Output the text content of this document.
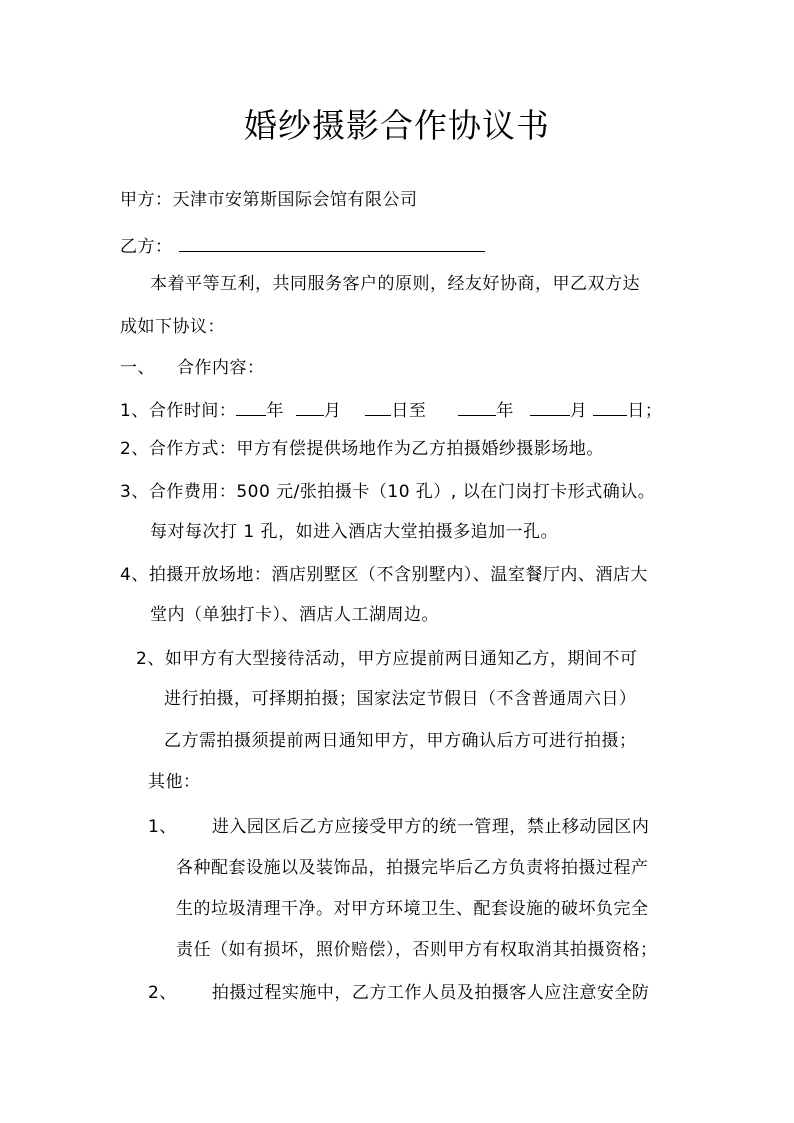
婚纱摄影合作协议书
甲方：天津市安第斯国际会馆有限公司
乙方：
本着平等互利，共同服务客户的原则，经友好协商，甲乙双方达
成如下协议：
一、 合作内容：
1、合作时间： 年 月	日至	年	月 日；
2、合作方式：甲方有偿提供场地作为乙方拍摄婚纱摄影场地。
3、合作费用：500 元/张拍摄卡（10 孔）, 以在门岗打卡形式确认。
每对每次打 1 孔，如进入酒店大堂拍摄多追加一孔。
4、拍摄开放场地：酒店别墅区（不含别墅内）、温室餐厅内、酒店大
堂内（单独打卡）、酒店人工湖周边。
2、如甲方有大型接待活动，甲方应提前两日通知乙方，期间不可
进行拍摄，可择期拍摄；国家法定节假日（不含普通周六日）
乙方需拍摄须提前两日通知甲方，甲方确认后方可进行拍摄；
其他：
1、 进入园区后乙方应接受甲方的统一管理，禁止移动园区内
各种配套设施以及装饰品，拍摄完毕后乙方负责将拍摄过程产
生的垃圾清理干净。对甲方环境卫生、配套设施的破坏负完全
责任（如有损坏，照价赔偿），否则甲方有权取消其拍摄资格；
2、 拍摄过程实施中，乙方工作人员及拍摄客人应注意安全防
